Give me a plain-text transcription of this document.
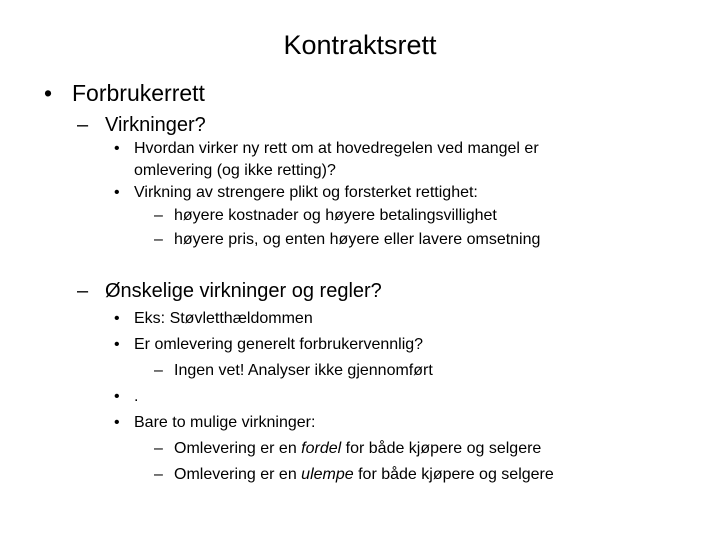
Kontraktsrett
• Forbrukerrett
– Virkninger?
• Hvordan virker ny rett om at hovedregelen ved mangel er
omlevering (og ikke retting)?
• Virkning av strengere plikt og forsterket rettighet:
– høyere kostnader og høyere betalingsvillighet
– høyere pris, og enten høyere eller lavere omsetning
– Ønskelige virkninger og regler?
• Eks: Støvletthældommen
• Er omlevering generelt forbrukervennlig?
– Ingen vet! Analyser ikke gjennomført
• .
• Bare to mulige virkninger:
– Omlevering er en fordel for både kjøpere og selgere
– Omlevering er en ulempe for både kjøpere og selgere
